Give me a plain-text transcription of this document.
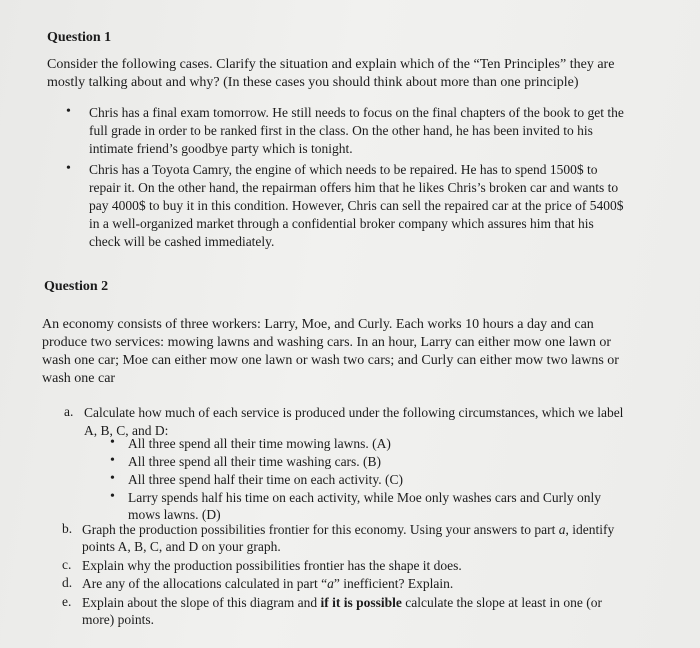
Question 1
Consider the following cases. Clarify the situation and explain which of the “Ten Principles” they are mostly talking about and why? (In these cases you should think about more than one principle)
• Chris has a final exam tomorrow. He still needs to focus on the final chapters of the book to get the full grade in order to be ranked first in the class. On the other hand, he has been invited to his intimate friend’s goodbye party which is tonight.
• Chris has a Toyota Camry, the engine of which needs to be repaired. He has to spend 1500$ to repair it. On the other hand, the repairman offers him that he likes Chris’s broken car and wants to pay 4000$ to buy it in this condition. However, Chris can sell the repaired car at the price of 5400$ in a well-organized market through a confidential broker company which assures him that his check will be cashed immediately.
Question 2
An economy consists of three workers: Larry, Moe, and Curly. Each works 10 hours a day and can produce two services: mowing lawns and washing cars. In an hour, Larry can either mow one lawn or wash one car; Moe can either mow one lawn or wash two cars; and Curly can either mow two lawns or wash one car
a. Calculate how much of each service is produced under the following circumstances, which we label A, B, C, and D:
• All three spend all their time mowing lawns. (A)
• All three spend all their time washing cars. (B)
• All three spend half their time on each activity. (C)
• Larry spends half his time on each activity, while Moe only washes cars and Curly only mows lawns. (D)
b. Graph the production possibilities frontier for this economy. Using your answers to part a, identify points A, B, C, and D on your graph.
c. Explain why the production possibilities frontier has the shape it does.
d. Are any of the allocations calculated in part “a” inefficient? Explain.
e. Explain about the slope of this diagram and if it is possible calculate the slope at least in one (or more) points.
